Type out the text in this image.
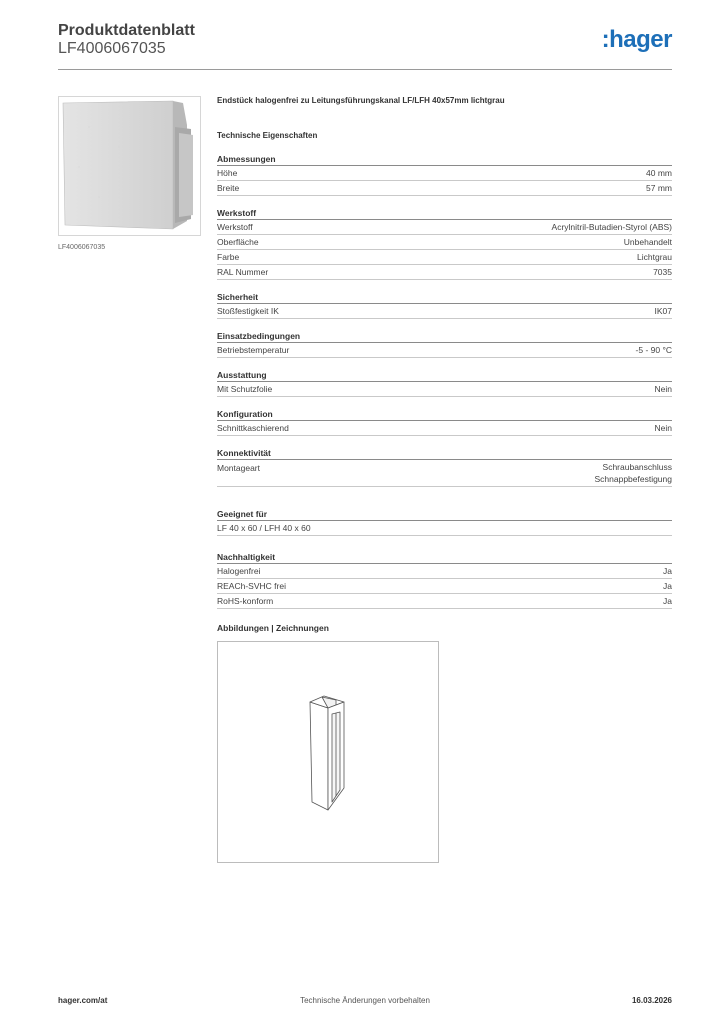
Produktdatenblatt
LF4006067035	:hager
LF4006067035
Endstück halogenfrei zu Leitungsführungskanal LF/LFH 40x57mm lichtgrau
Technische Eigenschaften
Abmessungen
Höhe	40 mm
Breite	57 mm
Werkstoff
Werkstoff	Acrylnitril-Butadien-Styrol (ABS)
Oberfläche	Unbehandelt
Farbe	Lichtgrau
RAL Nummer	7035
Sicherheit
Stoßfestigkeit IK	IK07
Einsatzbedingungen
Betriebstemperatur	-5 - 90 °C
Ausstattung
Mit Schutzfolie	Nein
Konfiguration
Schnittkaschierend	Nein
Konnektivität
Montageart	Schraubanschluss
Schnappbefestigung
Geeignet für
LF 40 x 60 / LFH 40 x 60
Nachhaltigkeit
Halogenfrei	Ja
REACh-SVHC frei	Ja
RoHS-konform	Ja
Abbildungen | Zeichnungen
Technische Änderungen vorbehalten
hager.com/at	16.03.2026
